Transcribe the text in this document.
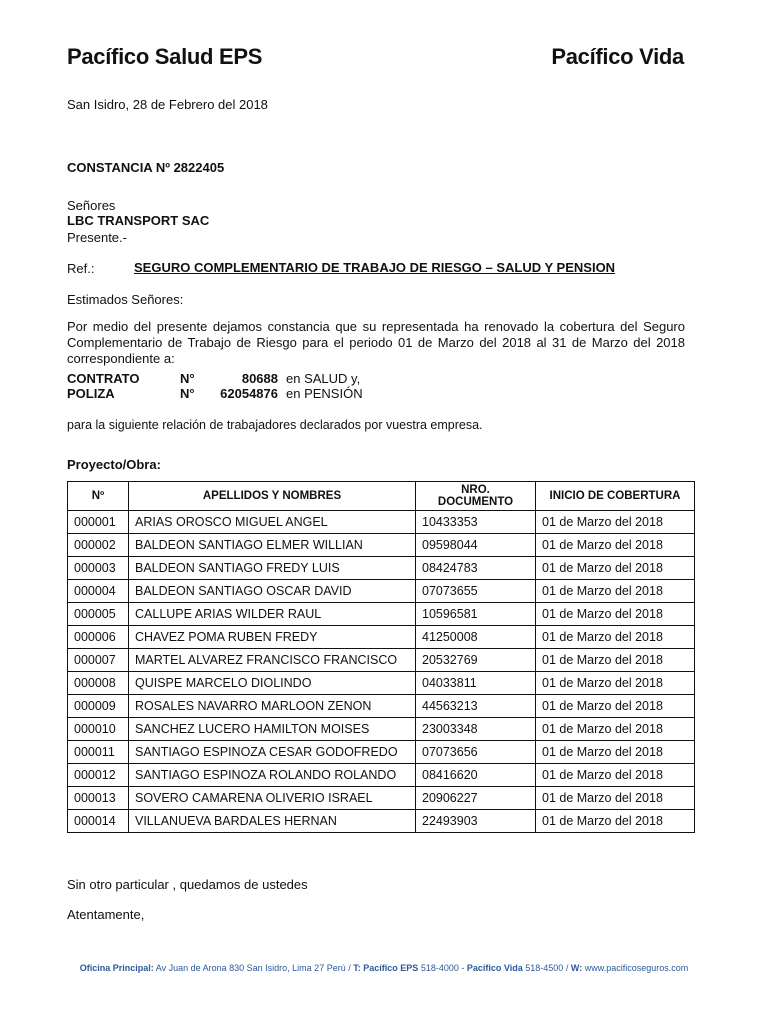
Pacífico Salud EPS	Pacífico Vida
San Isidro, 28 de Febrero del 2018
CONSTANCIA Nº 2822405
Señores
LBC TRANSPORT SAC
Presente.-
Ref.:	SEGURO COMPLEMENTARIO DE TRABAJO DE RIESGO – SALUD Y PENSION
Estimados Señores:
Por medio del presente dejamos constancia que su representada ha renovado la cobertura del Seguro Complementario de Trabajo de Riesgo para el periodo 01 de Marzo del 2018 al 31 de Marzo del 2018 correspondiente a:
CONTRATO	N°	80688 en SALUD y,
POLIZA	N°	62054876 en PENSIÓN
para la siguiente relación de trabajadores declarados por vuestra empresa.
Proyecto/Obra:
Nº	APELLIDOS Y NOMBRES	NRO. DOCUMENTO	INICIO DE COBERTURA
000001	ARIAS OROSCO MIGUEL ANGEL	10433353	01 de Marzo del 2018
000002	BALDEON SANTIAGO ELMER WILLIAN	09598044	01 de Marzo del 2018
000003	BALDEON SANTIAGO FREDY LUIS	08424783	01 de Marzo del 2018
000004	BALDEON SANTIAGO OSCAR DAVID	07073655	01 de Marzo del 2018
000005	CALLUPE ARIAS WILDER RAUL	10596581	01 de Marzo del 2018
000006	CHAVEZ POMA RUBEN FREDY	41250008	01 de Marzo del 2018
000007	MARTEL ALVAREZ FRANCISCO FRANCISCO	20532769	01 de Marzo del 2018
000008	QUISPE MARCELO DIOLINDO	04033811	01 de Marzo del 2018
000009	ROSALES NAVARRO MARLOON ZENON	44563213	01 de Marzo del 2018
000010	SANCHEZ LUCERO HAMILTON MOISES	23003348	01 de Marzo del 2018
000011	SANTIAGO ESPINOZA CESAR GODOFREDO	07073656	01 de Marzo del 2018
000012	SANTIAGO ESPINOZA ROLANDO ROLANDO	08416620	01 de Marzo del 2018
000013	SOVERO CAMARENA OLIVERIO ISRAEL	20906227	01 de Marzo del 2018
000014	VILLANUEVA BARDALES HERNAN	22493903	01 de Marzo del 2018
Sin otro particular , quedamos de ustedes
Atentamente,
Oficina Principal: Av Juan de Arona 830 San Isidro, Lima 27 Perú / T: Pacífico EPS 518-4000 - Pacífico Vida 518-4500 / W: www.pacificoseguros.com
